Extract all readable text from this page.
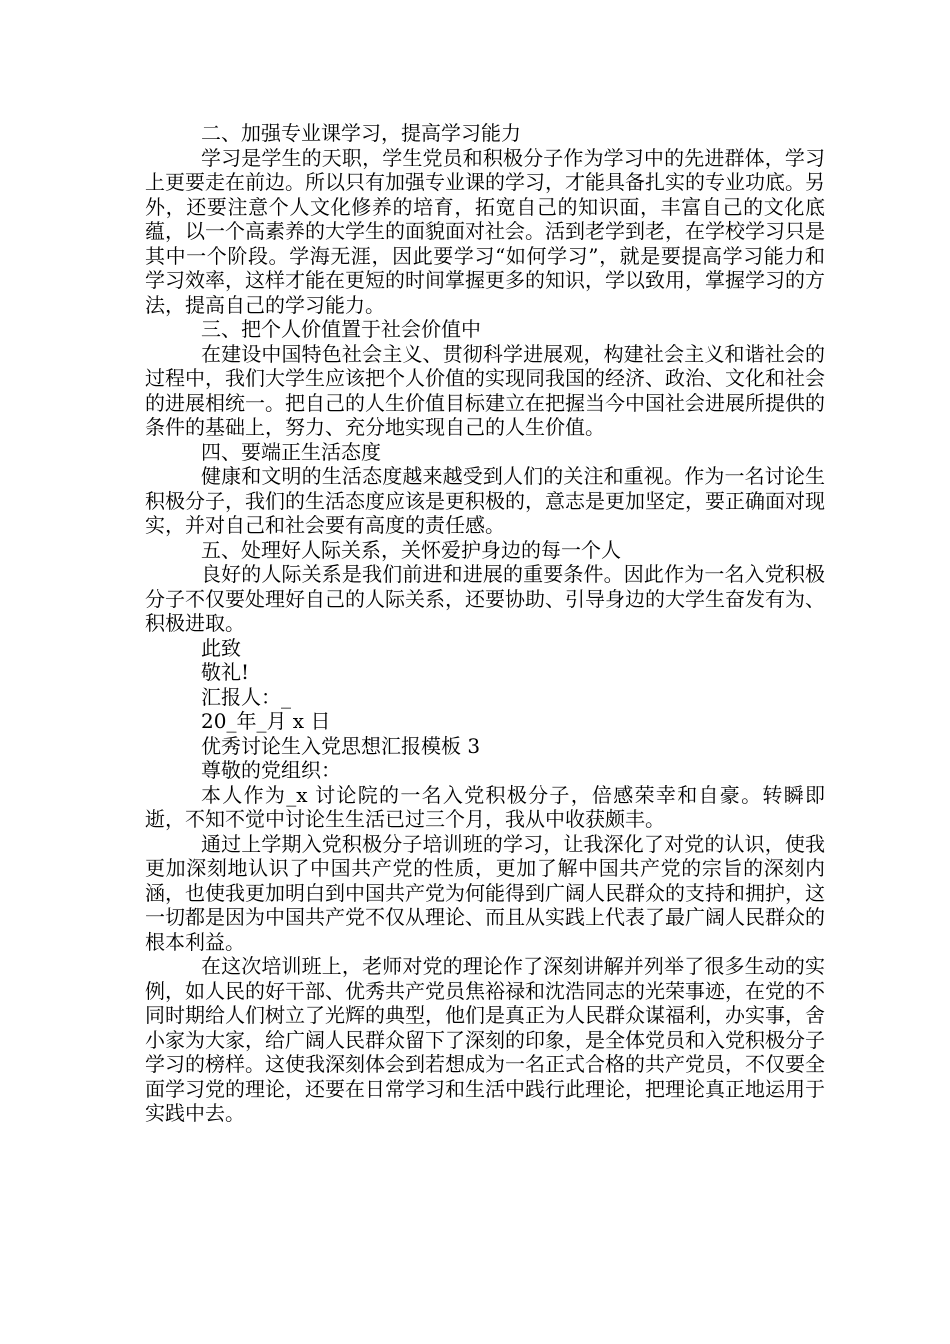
二、加强专业课学习，提高学习能力

学习是学生的天职，学生党员和积极分子作为学习中的先进群体，学习上更要走在前边。所以只有加强专业课的学习，才能具备扎实的专业功底。另外，还要注意个人文化修养的培育，拓宽自己的知识面，丰富自己的文化底蕴，以一个高素养的大学生的面貌面对社会。活到老学到老，在学校学习只是其中一个阶段。学海无涯，因此要学习“如何学习”，就是要提高学习能力和学习效率，这样才能在更短的时间掌握更多的知识，学以致用，掌握学习的方法，提高自己的学习能力。

三、把个人价值置于社会价值中

在建设中国特色社会主义、贯彻科学进展观，构建社会主义和谐社会的过程中，我们大学生应该把个人价值的实现同我国的经济、政治、文化和社会的进展相统一。把自己的人生价值目标建立在把握当今中国社会进展所提供的条件的基础上，努力、充分地实现自己的人生价值。

四、要端正生活态度

健康和文明的生活态度越来越受到人们的关注和重视。作为一名讨论生积极分子，我们的生活态度应该是更积极的，意志是更加坚定，要正确面对现实，并对自己和社会要有高度的责任感。

五、处理好人际关系，关怀爱护身边的每一个人

良好的人际关系是我们前进和进展的重要条件。因此作为一名入党积极分子不仅要处理好自己的人际关系，还要协助、引导身边的大学生奋发有为、积极进取。

此致

敬礼!

汇报人：_

20_年_月 x 日

优秀讨论生入党思想汇报模板 3

尊敬的党组织：

本人作为_x 讨论院的一名入党积极分子，倍感荣幸和自豪。转瞬即逝，不知不觉中讨论生生活已过三个月，我从中收获颇丰。

通过上学期入党积极分子培训班的学习，让我深化了对党的认识，使我更加深刻地认识了中国共产党的性质，更加了解中国共产党的宗旨的深刻内涵，也使我更加明白到中国共产党为何能得到广阔人民群众的支持和拥护，这一切都是因为中国共产党不仅从理论、而且从实践上代表了最广阔人民群众的根本利益。

在这次培训班上，老师对党的理论作了深刻讲解并列举了很多生动的实例，如人民的好干部、优秀共产党员焦裕禄和沈浩同志的光荣事迹，在党的不同时期给人们树立了光辉的典型，他们是真正为人民群众谋福利，办实事，舍小家为大家，给广阔人民群众留下了深刻的印象，是全体党员和入党积极分子学习的榜样。这使我深刻体会到若想成为一名正式合格的共产党员，不仅要全面学习党的理论，还要在日常学习和生活中践行此理论，把理论真正地运用于实践中去。
